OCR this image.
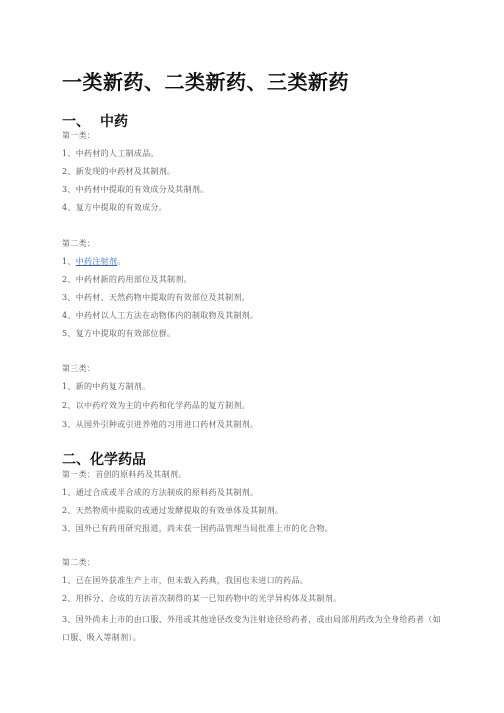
一类新药、二类新药、三类新药
一、 中药
第一类：
1、中药材的人工制成品。
2、新发现的中药材及其制剂。
3、中药材中提取的有效成分及其制剂。
4、复方中提取的有效成分。
第二类：
1、中药注射剂。
2、中药材新的药用部位及其制剂。
3、中药材、天然药物中提取的有效部位及其制剂。
4、中药材以人工方法在动物体内的制取物及其制剂。
5、复方中提取的有效部位群。
第三类：
1、新的中药复方制剂。
2、以中药疗效为主的中药和化学药品的复方制剂。
3、从国外引种或引进养殖的习用进口药材及其制剂。
二、化学药品
第一类：首创的原料药及其制剂。
1、通过合成或半合成的方法制成的原料药及其制剂。
2、天然物质中提取的或通过发酵提取的有效单体及其制剂。
3、国外已有药用研究报道，尚未获一国药品管理当局批准上市的化合物。
第二类：
1、已在国外获准生产上市，但未载入药典，我国也未进口的药品。
2、用拆分、合成的方法首次制得的某一已知药物中的光学异构体及其制剂。
3、国外尚未上市的由口服、外用或其他途径改变为注射途径给药者，或由局部用药改为全身给药者（如口服、吸入等制剂）。
